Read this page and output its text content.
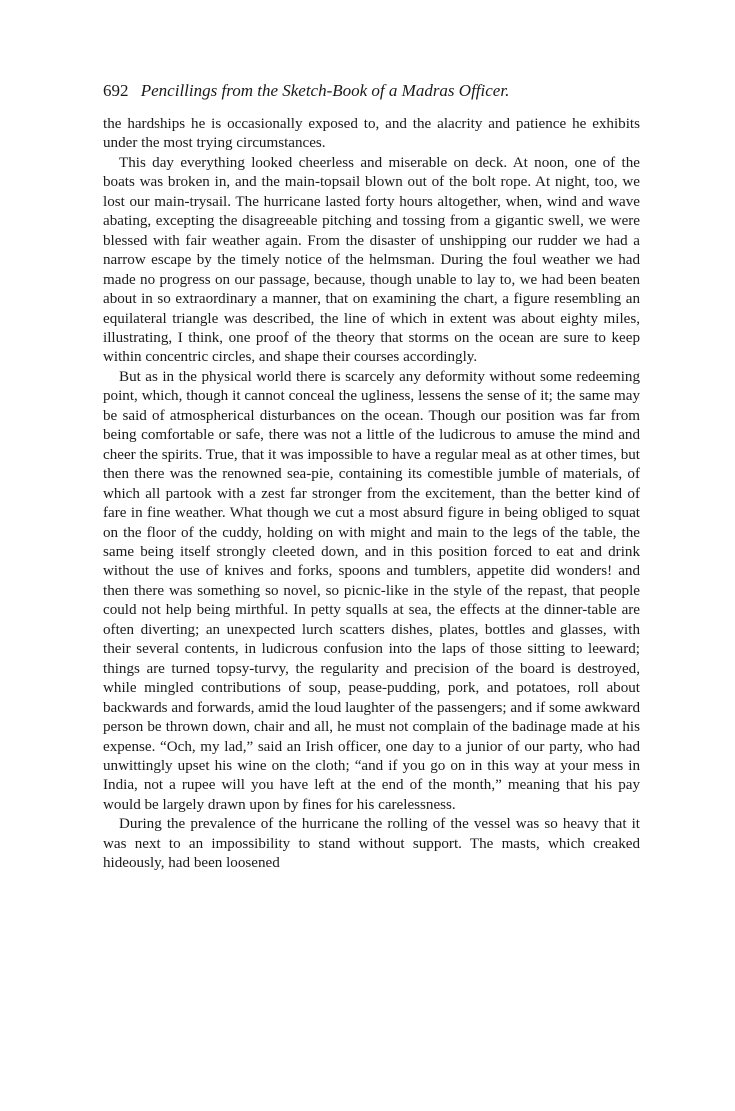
692 Pencillings from the Sketch-Book of a Madras Officer.

the hardships he is occasionally exposed to, and the alacrity and patience he exhibits under the most trying circumstances.

This day everything looked cheerless and miserable on deck. At noon, one of the boats was broken in, and the main-topsail blown out of the bolt rope. At night, too, we lost our main-trysail. The hurricane lasted forty hours altogether, when, wind and wave abating, excepting the disagreeable pitching and tossing from a gigantic swell, we were blessed with fair weather again. From the disaster of unshipping our rudder we had a narrow escape by the timely notice of the helmsman. During the foul weather we had made no progress on our passage, because, though unable to lay to, we had been beaten about in so extraordinary a manner, that on examining the chart, a figure resembling an equilateral triangle was described, the line of which in extent was about eighty miles, illustrating, I think, one proof of the theory that storms on the ocean are sure to keep within concentric circles, and shape their courses accordingly.

But as in the physical world there is scarcely any deformity without some redeeming point, which, though it cannot conceal the ugliness, lessens the sense of it; the same may be said of atmospherical disturbances on the ocean. Though our position was far from being comfortable or safe, there was not a little of the ludicrous to amuse the mind and cheer the spirits. True, that it was impossible to have a regular meal as at other times, but then there was the renowned sea-pie, containing its comestible jumble of materials, of which all partook with a zest far stronger from the excitement, than the better kind of fare in fine weather. What though we cut a most absurd figure in being obliged to squat on the floor of the cuddy, holding on with might and main to the legs of the table, the same being itself strongly cleeted down, and in this position forced to eat and drink without the use of knives and forks, spoons and tumblers, appetite did wonders! and then there was something so novel, so picnic-like in the style of the repast, that people could not help being mirthful. In petty squalls at sea, the effects at the dinner-table are often diverting; an unexpected lurch scatters dishes, plates, bottles and glasses, with their several contents, in ludicrous confusion into the laps of those sitting to leeward; things are turned topsy-turvy, the regularity and precision of the board is destroyed, while mingled contributions of soup, pease-pudding, pork, and potatoes, roll about backwards and forwards, amid the loud laughter of the passengers; and if some awkward person be thrown down, chair and all, he must not complain of the badinage made at his expense. “Och, my lad,” said an Irish officer, one day to a junior of our party, who had unwittingly upset his wine on the cloth; “and if you go on in this way at your mess in India, not a rupee will you have left at the end of the month,” meaning that his pay would be largely drawn upon by fines for his carelessness.

During the prevalence of the hurricane the rolling of the vessel was so heavy that it was next to an impossibility to stand without support. The masts, which creaked hideously, had been loosened
